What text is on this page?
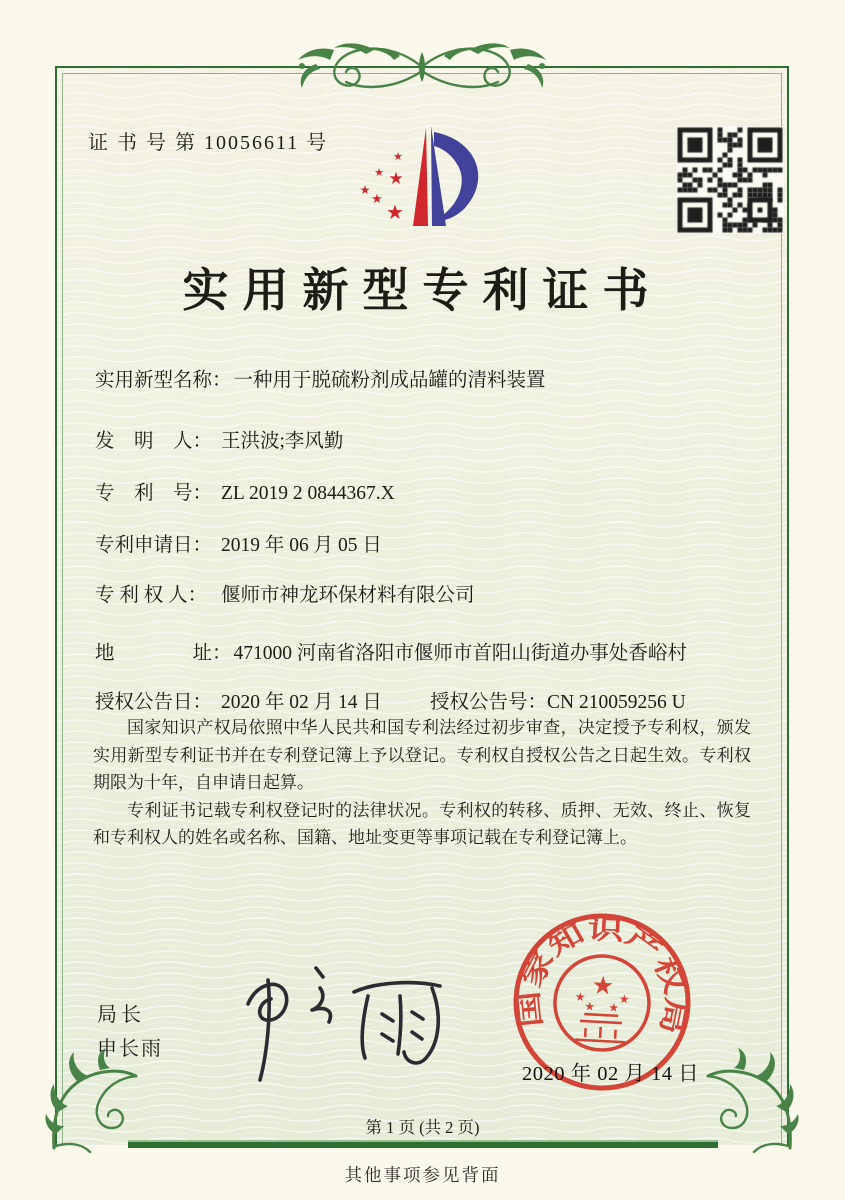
证 书 号 第 10056611 号
★
★ ★
★
★
★
实用新型专利证书
实用新型名称： 一种用于脱硫粉剂成品罐的清料装置
发　明　人： 王洪波;李风勤
专　利　号： ZL 2019 2 0844367.X
专利申请日： 2019 年 06 月 05 日
专 利 权 人： 偃师市神龙环保材料有限公司
地　　　　址： 471000 河南省洛阳市偃师市首阳山街道办事处香峪村
授权公告日： 2020 年 02 月 14 日 授权公告号：CN 210059256 U

国家知识产权局依照中华人民共和国专利法经过初步审查，决定授予专利权，颁发实用新型专利证书并在专利登记簿上予以登记。专利权自授权公告之日起生效。专利权期限为十年，自申请日起算。

专利证书记载专利权登记时的法律状况。专利权的转移、质押、无效、终止、恢复和专利权人的姓名或名称、国籍、地址变更等事项记载在专利登记簿上。

局长
申长雨
国家知识产权局
★
★
★ ★
★
2020 年 02 月 14 日
第 1 页 (共 2 页)
其他事项参见背面
